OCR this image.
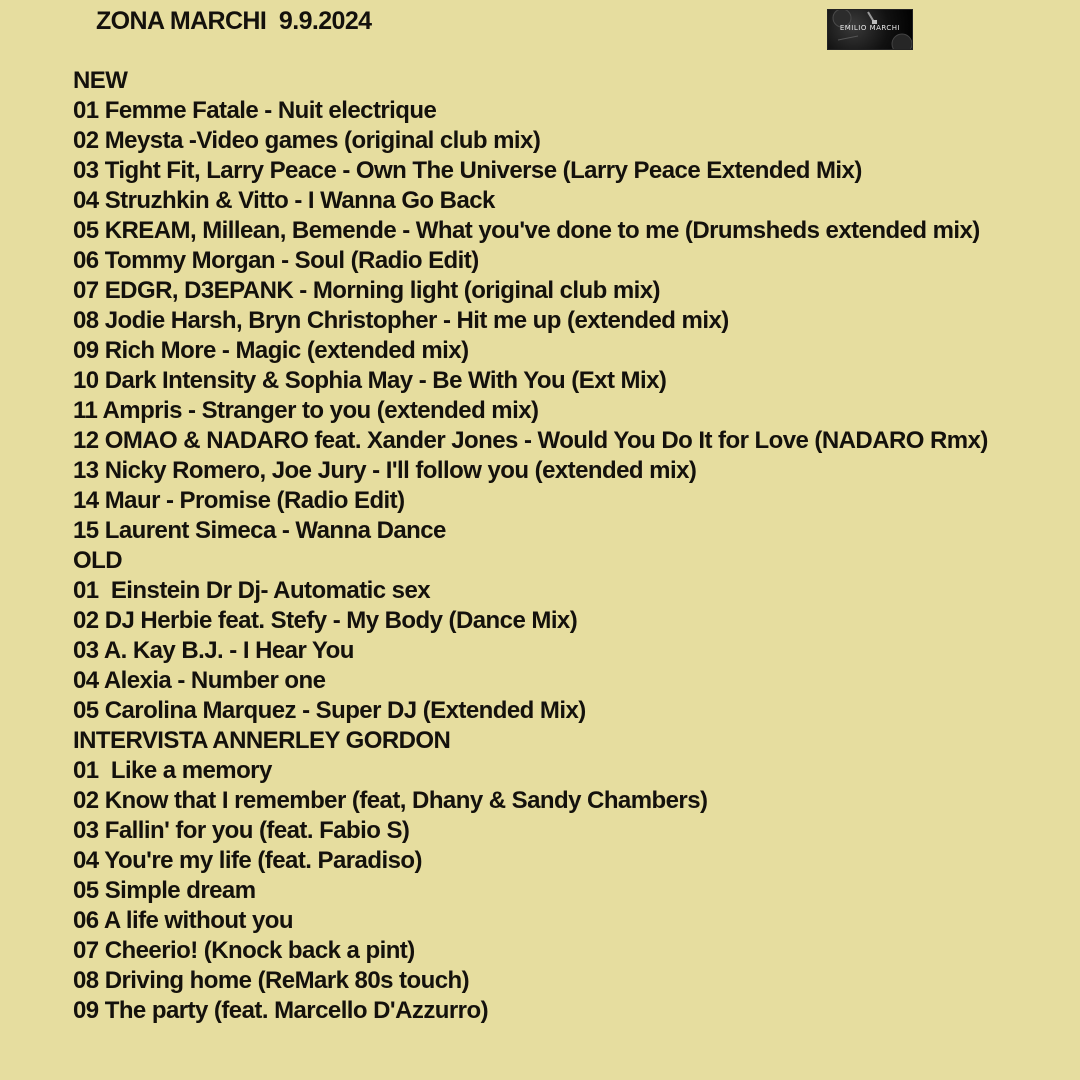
ZONA MARCHI  9.9.2024	EMILIO MARCHI
NEW
01 Femme Fatale - Nuit electrique
02 Meysta -Video games (original club mix)
03 Tight Fit, Larry Peace - Own The Universe (Larry Peace Extended Mix)
04 Struzhkin & Vitto - I Wanna Go Back
05 KREAM, Millean, Bemende - What you've done to me (Drumsheds extended mix)
06 Tommy Morgan - Soul (Radio Edit)
07 EDGR, D3EPANK - Morning light (original club mix)
08 Jodie Harsh, Bryn Christopher - Hit me up (extended mix)
09 Rich More - Magic (extended mix)
10 Dark Intensity & Sophia May - Be With You (Ext Mix)
11 Ampris - Stranger to you (extended mix)
12 OMAO & NADARO feat. Xander Jones - Would You Do It for Love (NADARO Rmx)
13 Nicky Romero, Joe Jury - I'll follow you (extended mix)
14 Maur - Promise (Radio Edit)
15 Laurent Simeca - Wanna Dance
OLD
01  Einstein Dr Dj- Automatic sex
02 DJ Herbie feat. Stefy - My Body (Dance Mix)
03 A. Kay B.J. - I Hear You
04 Alexia - Number one
05 Carolina Marquez - Super DJ (Extended Mix)
INTERVISTA ANNERLEY GORDON
01  Like a memory
02 Know that I remember (feat, Dhany & Sandy Chambers)
03 Fallin' for you (feat. Fabio S)
04 You're my life (feat. Paradiso)
05 Simple dream
06 A life without you
07 Cheerio! (Knock back a pint)
08 Driving home (ReMark 80s touch)
09 The party (feat. Marcello D'Azzurro)
